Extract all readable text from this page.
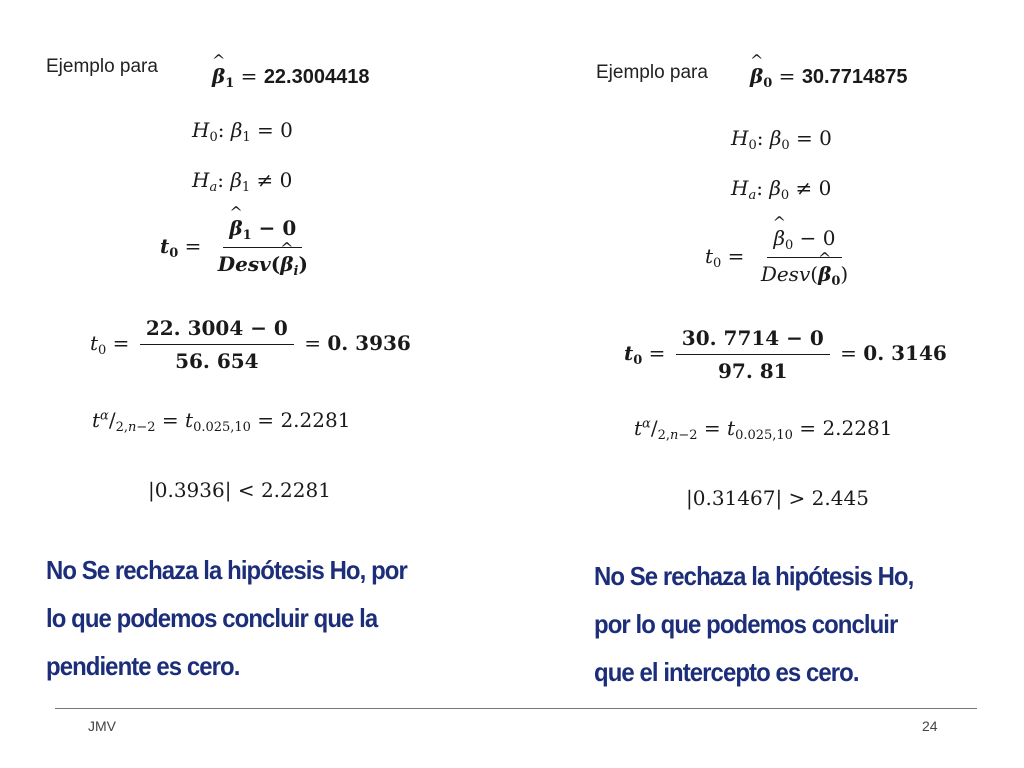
Ejemplo para	^ $\beta_1 = 22.3004418$
$H_0$: $\beta_1 = 0$
$H_a$: $\beta_1 \ne 0$
$t_0$ = ^ $\frac{\beta_1 - 0}{Desv(\^{} \beta_i)}$
$t_0 = \frac{22. 3004 - 0}{56. 654} = 0$. 3936
$t^\alpha/_{2,n-2} = t_{0.025,10} = 2.2281$
|0.3936| < 2.2281
No Se rechaza la hipótesis Ho, por
lo que podemos concluir que la
pendiente es cero.
Ejemplo para ^ $\beta_0 = 30.7714875$
$H_0$: $\beta_0 = 0$
$H_a$: $\beta_0 \ne 0$
$t_0$ = ^ $\frac{\beta_0 - 0}{Desv(\^{} \beta_0)}$
$t_0 = \frac{30. 7714 - 0}{97. 81} = 0$. 3146
$t^\alpha/_{2,n-2} = t_{0.025,10} = 2.2281$
|0.31467| > 2.445
No Se rechaza la hipótesis Ho,
por lo que podemos concluir
que el intercepto es cero.
JMV	24
